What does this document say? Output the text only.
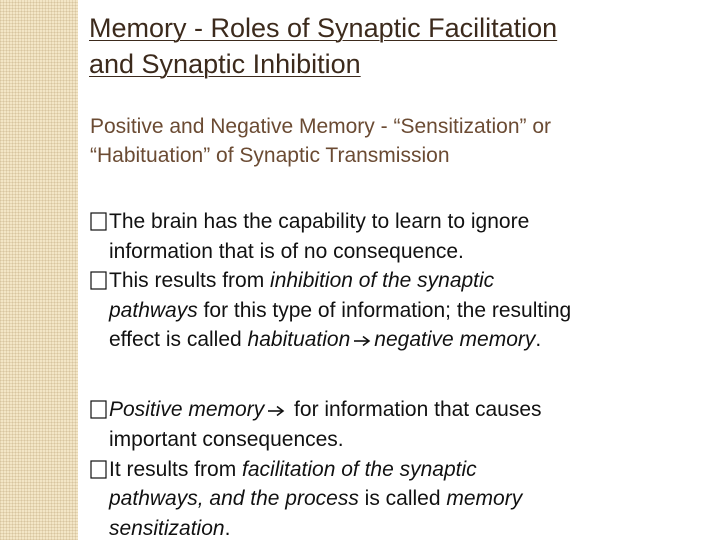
Memory - Roles of Synaptic Facilitation
and Synaptic Inhibition
Positive and Negative Memory - “Sensitization” or
“Habituation” of Synaptic Transmission

The brain has the capability to learn to ignore
information that is of no consequence.

This results from inhibition of the synaptic
pathways for this type of information; the resulting
effect is called habituation negative memory.

Positive memory for information that causes
important consequences.

It results from facilitation of the synaptic
pathways, and the process is called memory
sensitization.
